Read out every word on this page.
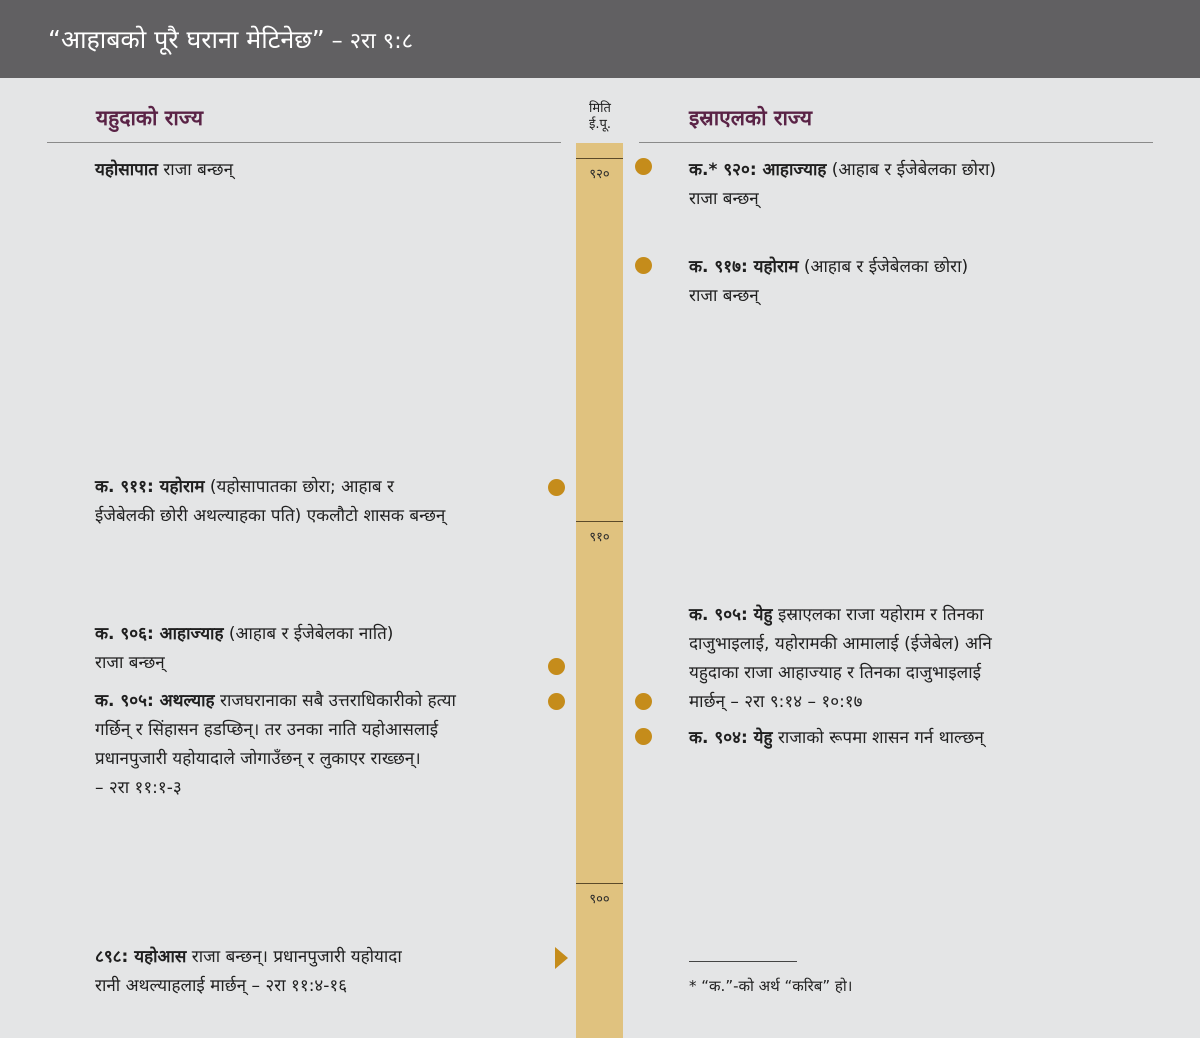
“आहाबको पूरै घराना मेटिनेछ” – २रा ९:८
यहुदाको राज्य	इस्राएलको राज्य
मिति
ई.पू.
९२०
९१०
९००
यहोसापात राजा बन्छन्
क. ९११: यहोराम (यहोसापातका छोरा; आहाब र
ईजेबेलकी छोरी अथल्याहका पति) एकलौटो शासक बन्छन्
क. ९०६: आहाज्याह (आहाब र ईजेबेलका नाति)
राजा बन्छन्
क. ९०५: अथल्याह राजघरानाका सबै उत्तराधिकारीको हत्या
गर्छिन् र सिंहासन हडप्छिन्। तर उनका नाति यहोआसलाई
प्रधानपुजारी यहोयादाले जोगाउँछन् र लुकाएर राख्छन्।
– २रा ११:१-३
८९८: यहोआस राजा बन्छन्। प्रधानपुजारी यहोयादा
रानी अथल्याहलाई मार्छन् – २रा ११:४-१६
क.* ९२०: आहाज्याह (आहाब र ईजेबेलका छोरा)
राजा बन्छन्
क. ९१७: यहोराम (आहाब र ईजेबेलका छोरा)
राजा बन्छन्
क. ९०५: येहु इस्राएलका राजा यहोराम र तिनका
दाजुभाइलाई, यहोरामकी आमालाई (ईजेबेल) अनि
यहुदाका राजा आहाज्याह र तिनका दाजुभाइलाई
मार्छन् – २रा ९:१४ – १०:१७
क. ९०४: येहु राजाको रूपमा शासन गर्न थाल्छन्
* “क.”-को अर्थ “करिब” हो।
